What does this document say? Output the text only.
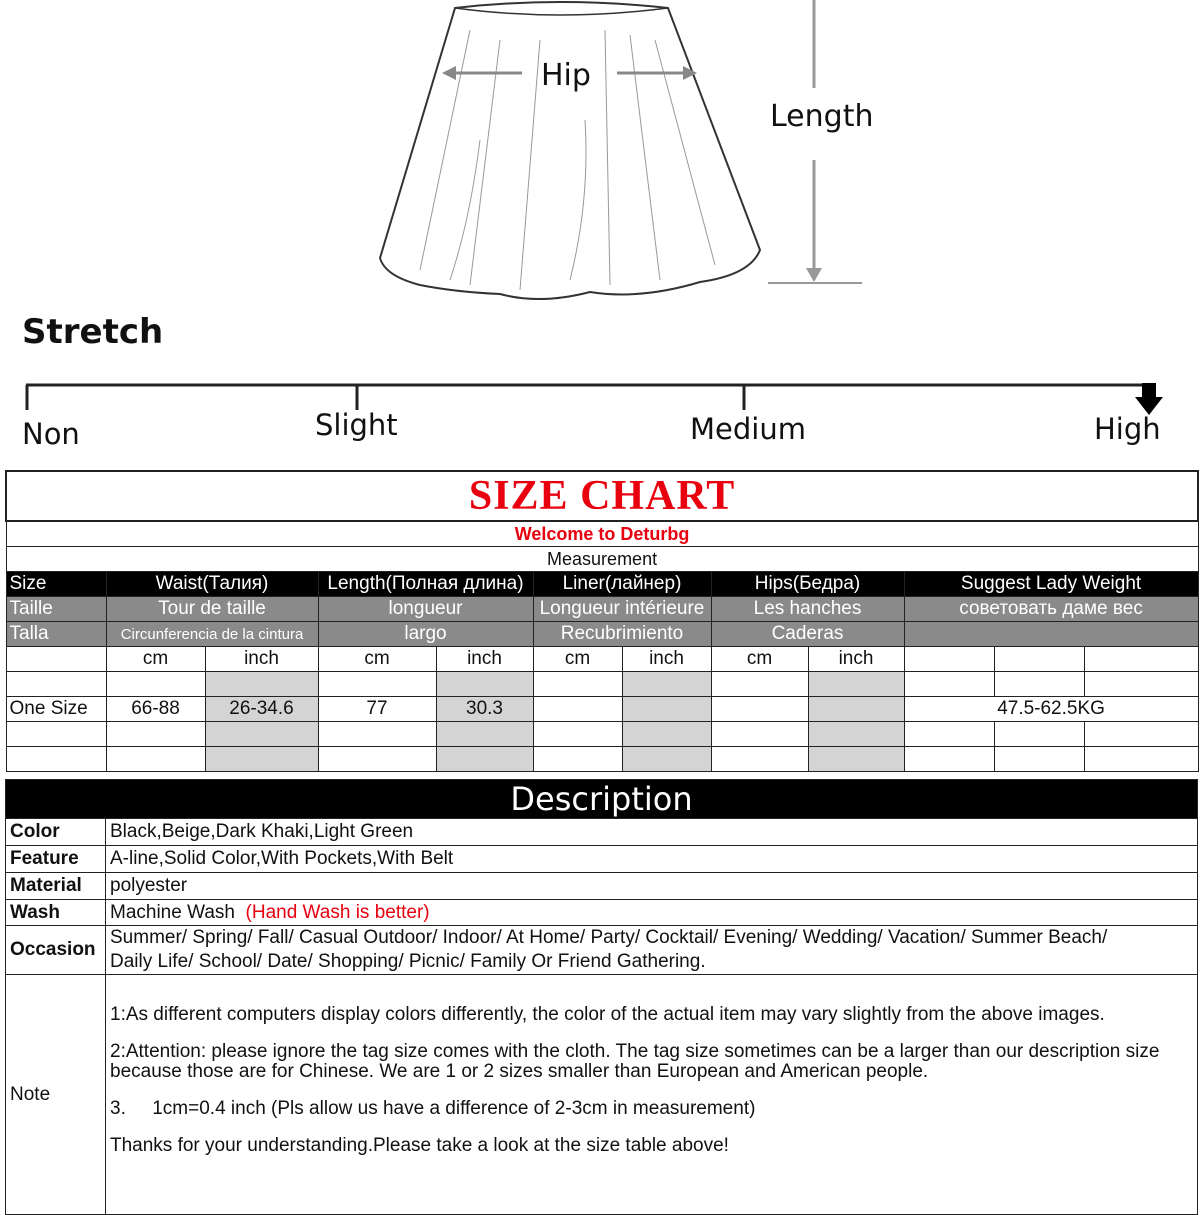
Hip
Length
Stretch
Non	Slight	Medium	High
SIZE CHART											
Welcome to Deturbg											
Measurement											
Size	Waist(Талия)		Length(Полная длина)		Liner(лайнер)		Hips(Бедра)		Suggest Lady Weight		
Taille	Tour de taille		longueur		Longueur intérieure		Les hanches		советовать даме вес		
Talla	Circunferencia de la cintura		largo		Recubrimiento		Caderas				
	cm	inch	cm	inch	cm	inch	cm	inch			

One Size	66-88	26-34.6	77	30.3					47.5-62.5KG		

Description	
Color	Black,Beige,Dark Khaki,Light Green
Feature	A-line,Solid Color,With Pockets,With Belt
Material	polyester
Wash	Machine Wash (Hand Wash is better)
Occasion	Summer/ Spring/ Fall/ Casual Outdoor/ Indoor/ At Home/ Party/ Cocktail/ Evening/ Wedding/ Vacation/ Summer Beach/
Daily Life/ School/ Date/ Shopping/ Picnic/ Family Or Friend Gathering.

Note	1:As different computers display colors differently, the color of the actual item may vary slightly from the above images.

2:Attention: please ignore the tag size comes with the cloth. The tag size sometimes can be a larger than our description size because those are for Chinese. We are 1 or 2 sizes smaller than European and American people.

3.     1cm=0.4 inch (Pls allow us have a difference of 2-3cm in measurement)

Thanks for your understanding.Please take a look at the size table above!
